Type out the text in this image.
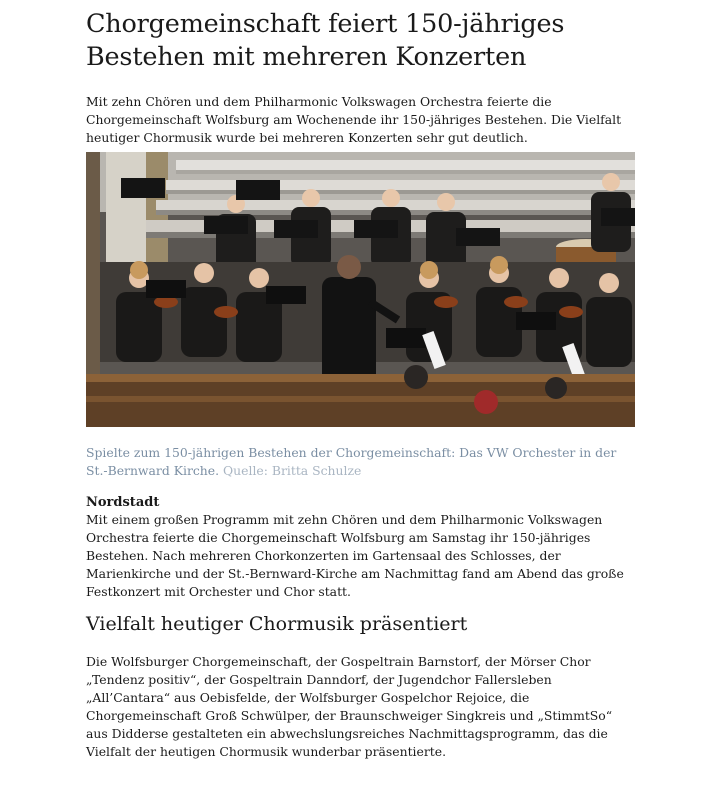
Chorgemeinschaft feiert 150-jähriges
Bestehen mit mehreren Konzerten

Mit zehn Chören und dem Philharmonic Volkswagen Orchestra feierte die Chorgemeinschaft Wolfsburg am Wochenende ihr 150-jähriges Bestehen. Die Vielfalt heutiger Chormusik wurde bei mehreren Konzerten sehr gut deutlich.

Spielte zum 150-jährigen Bestehen der Chorgemeinschaft: Das VW Orchester in der St.-Bernward Kirche. Quelle: Britta Schulze

Nordstadt

Mit einem großen Programm mit zehn Chören und dem Philharmonic Volkswagen Orchestra feierte die Chorgemeinschaft Wolfsburg am Samstag ihr 150-jähriges Bestehen. Nach mehreren Chorkonzerten im Gartensaal des Schlosses, der Marienkirche und der St.-Bernward-Kirche am Nachmittag fand am Abend das große Festkonzert mit Orchester und Chor statt.

Vielfalt heutiger Chormusik präsentiert

Die Wolfsburger Chorgemeinschaft, der Gospeltrain Barnstorf, der Mörser Chor „Tendenz positiv“, der Gospeltrain Danndorf, der Jugendchor Fallersleben „All’Cantara“ aus Oebisfelde, der Wolfsburger Gospelchor Rejoice, die Chorgemeinschaft Groß Schwülper, der Braunschweiger Singkreis und „StimmtSo“ aus Didderse gestalteten ein abwechslungsreiches Nachmittagsprogramm, das die Vielfalt der heutigen Chormusik wunderbar präsentierte.
